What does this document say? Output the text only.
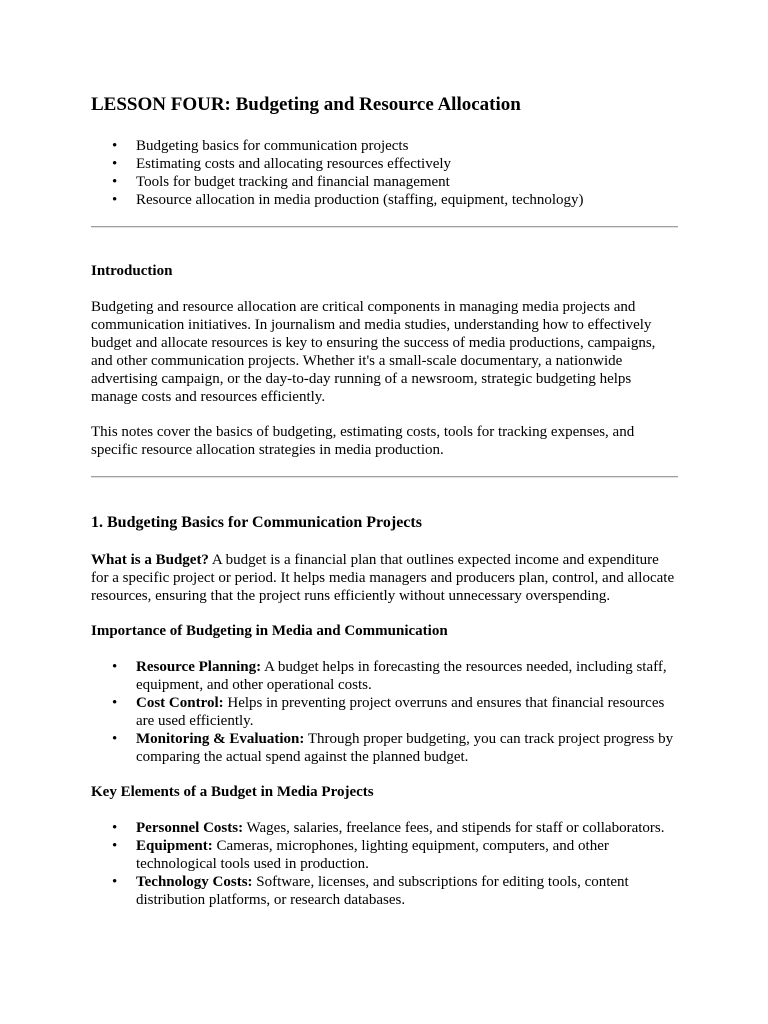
LESSON FOUR: Budgeting and Resource Allocation
• Budgeting basics for communication projects
• Estimating costs and allocating resources effectively
• Tools for budget tracking and financial management
• Resource allocation in media production (staffing, equipment, technology)

Introduction

Budgeting and resource allocation are critical components in managing media projects and communication initiatives. In journalism and media studies, understanding how to effectively budget and allocate resources is key to ensuring the success of media productions, campaigns, and other communication projects. Whether it's a small-scale documentary, a nationwide advertising campaign, or the day-to-day running of a newsroom, strategic budgeting helps manage costs and resources efficiently.

This notes cover the basics of budgeting, estimating costs, tools for tracking expenses, and specific resource allocation strategies in media production.

1. Budgeting Basics for Communication Projects

What is a Budget? A budget is a financial plan that outlines expected income and expenditure for a specific project or period. It helps media managers and producers plan, control, and allocate resources, ensuring that the project runs efficiently without unnecessary overspending.

Importance of Budgeting in Media and Communication

• Resource Planning: A budget helps in forecasting the resources needed, including staff, equipment, and other operational costs.
• Cost Control: Helps in preventing project overruns and ensures that financial resources are used efficiently.
• Monitoring & Evaluation: Through proper budgeting, you can track project progress by comparing the actual spend against the planned budget.

Key Elements of a Budget in Media Projects

• Personnel Costs: Wages, salaries, freelance fees, and stipends for staff or collaborators.
• Equipment: Cameras, microphones, lighting equipment, computers, and other technological tools used in production.
• Technology Costs: Software, licenses, and subscriptions for editing tools, content distribution platforms, or research databases.
